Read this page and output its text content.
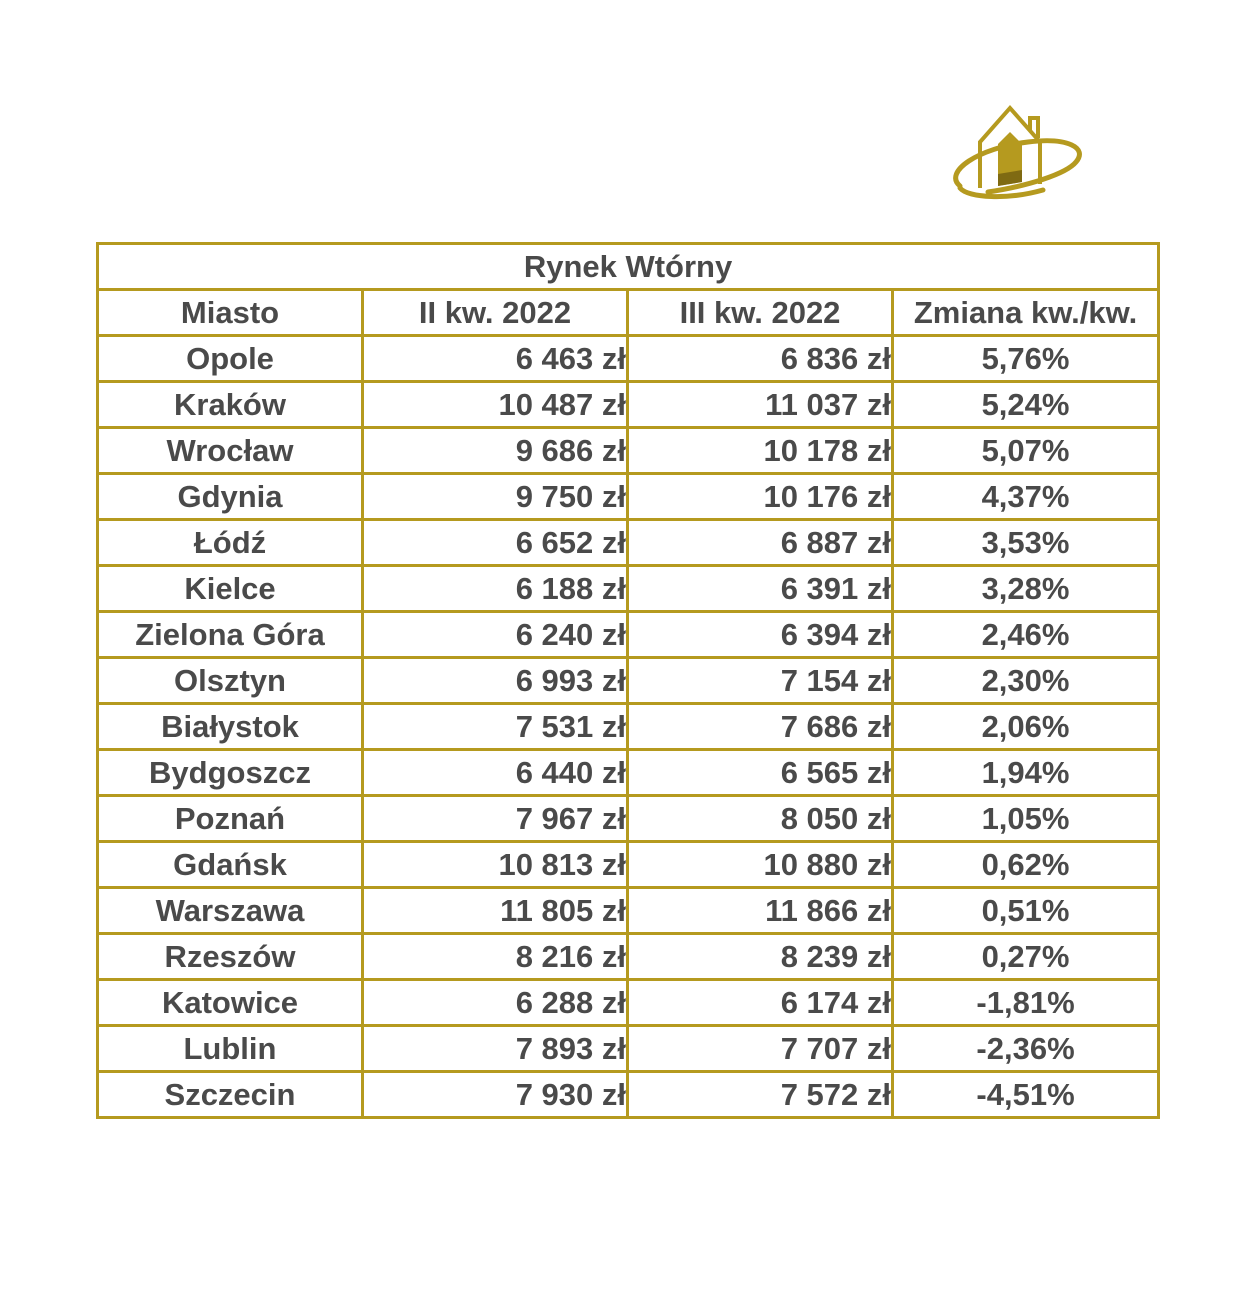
Rynek Wtórny			
Miasto	II kw. 2022	III kw. 2022	Zmiana kw./kw.
Opole	6 463 zł	6 836 zł	5,76%
Kraków	10 487 zł	11 037 zł	5,24%
Wrocław	9 686 zł	10 178 zł	5,07%
Gdynia	9 750 zł	10 176 zł	4,37%
Łódź	6 652 zł	6 887 zł	3,53%
Kielce	6 188 zł	6 391 zł	3,28%
Zielona Góra	6 240 zł	6 394 zł	2,46%
Olsztyn	6 993 zł	7 154 zł	2,30%
Białystok	7 531 zł	7 686 zł	2,06%
Bydgoszcz	6 440 zł	6 565 zł	1,94%
Poznań	7 967 zł	8 050 zł	1,05%
Gdańsk	10 813 zł	10 880 zł	0,62%
Warszawa	11 805 zł	11 866 zł	0,51%
Rzeszów	8 216 zł	8 239 zł	0,27%
Katowice	6 288 zł	6 174 zł	-1,81%
Lublin	7 893 zł	7 707 zł	-2,36%
Szczecin	7 930 zł	7 572 zł	-4,51%
